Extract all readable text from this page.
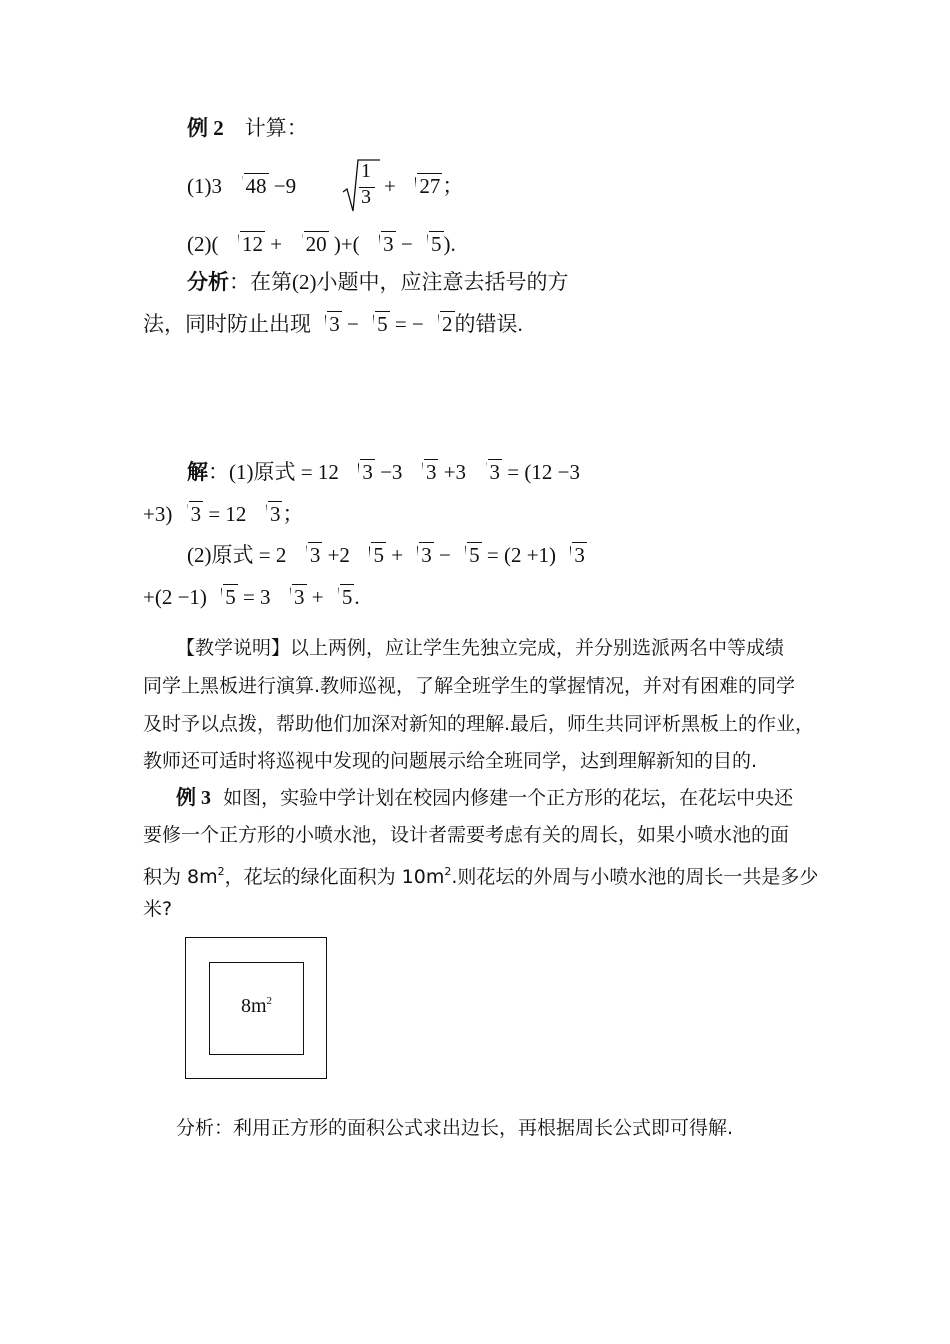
例 2 计算：
(1)3 48 −9
1
3 + 27；
(2)( 12 + 20 )+( 3 − 5).
分析：在第(2)小题中，应注意去括号的方
法，同时防止出现 3 − 5 = − 2的错误.
解：(1)原式 = 12 3 −3 3 +3 3 = (12 −3
+3) 3 = 12 3；
(2)原式 = 2 3 +2 5 + 3 − 5 = (2 +1) 3
+(2 −1) 5 = 3 3 + 5.
【教学说明】以上两例，应让学生先独立完成，并分别选派两名中等成绩
同学上黑板进行演算.教师巡视，了解全班学生的掌握情况，并对有困难的同学
及时予以点拨，帮助他们加深对新知的理解.最后，师生共同评析黑板上的作业，
教师还可适时将巡视中发现的问题展示给全班同学，达到理解新知的目的.
例 3 如图，实验中学计划在校园内修建一个正方形的花坛，在花坛中央还
要修一个正方形的小喷水池，设计者需要考虑有关的周长，如果小喷水池的面
积为 $8m^2$，花坛的绿化面积为 $10m^2$.则花坛的外周与小喷水池的周长一共是多少
米?
$8m^2$
分析：利用正方形的面积公式求出边长，再根据周长公式即可得解.
